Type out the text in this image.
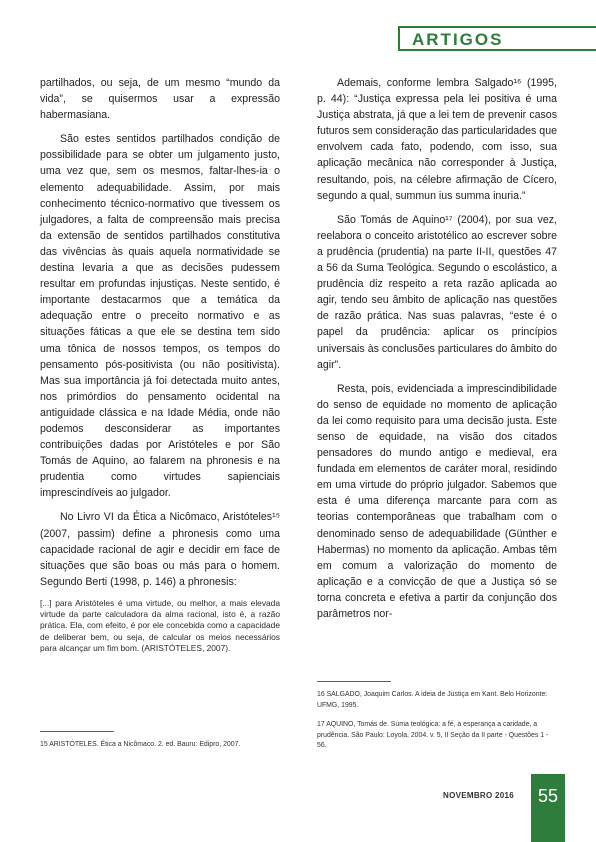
ARTIGOS

partilhados, ou seja, de um mesmo “mundo da vida”, se quisermos usar a expressão habermasiana.

São estes sentidos partilhados condição de possibilidade para se obter um julgamento justo, uma vez que, sem os mesmos, faltar-lhes-ia o elemento adequabilidade. Assim, por mais conhecimento técnico-normativo que tivessem os julgadores, a falta de compreensão mais precisa da extensão de sentidos partilhados constitutiva das vivências às quais aquela normatividade se destina levaria a que as decisões pudessem resultar em profundas injustiças. Neste sentido, é importante destacarmos que a temática da adequação entre o preceito normativo e as situações fáticas a que ele se destina tem sido uma tônica de nossos tempos, os tempos do pensamento pós-positivista (ou não positivista). Mas sua importância já foi detectada muito antes, nos primórdios do pensamento ocidental na antiguidade clássica e na Idade Média, onde não podemos desconsiderar as importantes contribuições dadas por Aristóteles e por São Tomás de Aquino, ao falarem na phronesis e na prudentia como virtudes sapienciais imprescindíveis ao julgador.

No Livro VI da Ética a Nicômaco, Aristóteles¹⁵ (2007, passim) define a phronesis como uma capacidade racional de agir e decidir em face de situações que são boas ou más para o homem. Segundo Berti (1998, p. 146) a phronesis:

[...] para Aristóteles é uma virtude, ou melhor, a mais elevada virtude da parte calculadora da alma racional, isto é, a razão prática. Ela, com efeito, é por ele concebida como a capacidade de deliberar bem, ou seja, de calcular os meios necessários para alcançar um fim bom. (ARISTÓTELES, 2007).

15 ARISTÓTELES. Ética a Nicômaco. 2. ed. Bauru: Edipro, 2007.

Ademais, conforme lembra Salgado¹⁶ (1995, p. 44): “Justiça expressa pela lei positiva é uma Justiça abstrata, já que a lei tem de prevenir casos futuros sem consideração das particularidades que envolvem cada fato, podendo, com isso, sua aplicação mecânica não corresponder à Justiça, resultando, pois, na célebre afirmação de Cícero, segundo a qual, summun ius summa inuria.”

São Tomás de Aquino¹⁷ (2004), por sua vez, reelabora o conceito aristotélico ao escrever sobre a prudência (prudentia) na parte II-II, questões 47 a 56 da Suma Teológica. Segundo o escolástico, a prudência diz respeito a reta razão aplicada ao agir, tendo seu âmbito de aplicação nas questões de razão prática. Nas suas palavras, “este é o papel da prudência: aplicar os princípios universais às conclusões particulares do âmbito do agir”.

Resta, pois, evidenciada a imprescindibilidade do senso de equidade no momento de aplicação da lei como requisito para uma decisão justa. Este senso de equidade, na visão dos citados pensadores do mundo antigo e medieval, era fundada em elementos de caráter moral, residindo em uma virtude do próprio julgador. Sabemos que esta é uma diferença marcante para com as teorias contemporâneas que trabalham com o denominado senso de adequabilidade (Günther e Habermas) no momento da aplicação. Ambas têm em comum a valorização do momento de aplicação e a convicção de que a Justiça só se torna concreta e efetiva a partir da conjunção dos parâmetros nor-

16 SALGADO, Joaquim Carlos. A ideia de Justiça em Kant. Belo Horizonte: UFMG, 1995.

17 AQUINO, Tomás de. Suma teológica: a fé, a esperança a caridade, a prudência. São Paulo: Loyola, 2004. v. 5, II Seção da II parte - Questões 1 - 56.

NOVEMBRO 2016	55
